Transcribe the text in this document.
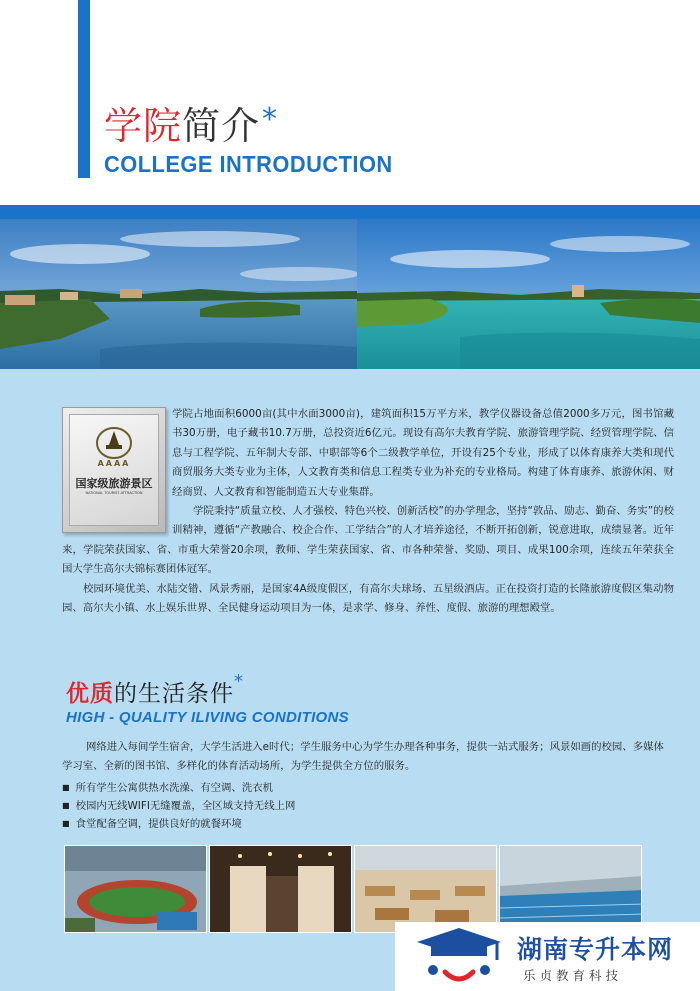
学院简介*
COLLEGE INTRODUCTION
AAAA
国家级旅游景区
NATIONAL TOURIST ATTRACTION

学院占地面积6000亩(其中水面3000亩)，建筑面积15万平方米，教学仪器设备总值2000多万元，图书馆藏书30万册，电子藏书10.7万册，总投资近6亿元。现设有高尔夫教育学院、旅游管理学院、经贸管理学院、信息与工程学院、五年制大专部、中职部等6个二级教学单位，开设有25个专业，形成了以体育康养大类和现代商贸服务大类专业为主体，人文教育类和信息工程类专业为补充的专业格局。构建了体育康养、旅游休闲、财经商贸、人文教育和智能制造五大专业集群。

学院秉持“质量立校、人才强校、特色兴校、创新活校”的办学理念，坚持“敦品、励志、勤奋、务实”的校训精神，遵循“产教融合、校企合作、工学结合”的人才培养途径，不断开拓创新，锐意进取，成绩显著。近年来，学院荣获国家、省、市重大荣誉20余项，教师、学生荣获国家、省、市各种荣誉、奖励、项目、成果100余项，连续五年荣获全国大学生高尔夫锦标赛团体冠军。

校园环境优美、水陆交错、风景秀丽，是国家4A级度假区，有高尔夫球场、五星级酒店。正在投资打造的长隆旅游度假区集动物园、高尔夫小镇、水上娱乐世界、全民健身运动项目为一体，是求学、修身、养性、度假、旅游的理想殿堂。

优质的生活条件*
HIGH - QUALITY ILIVING CONDITIONS
网络进入每间学生宿舍，大学生活进入e时代；学生服务中心为学生办理各种事务，提供一站式服务；风景如画的校园、多媒体学习室、全新的图书馆、多样化的体育活动场所，为学生提供全方位的服务。
■ 所有学生公寓供热水洗澡、有空调、洗衣机
■ 校园内无线WIFI无缝覆盖，全区域支持无线上网
■ 食堂配备空调，提供良好的就餐环境
湖南专升本网
乐贞教育科技
